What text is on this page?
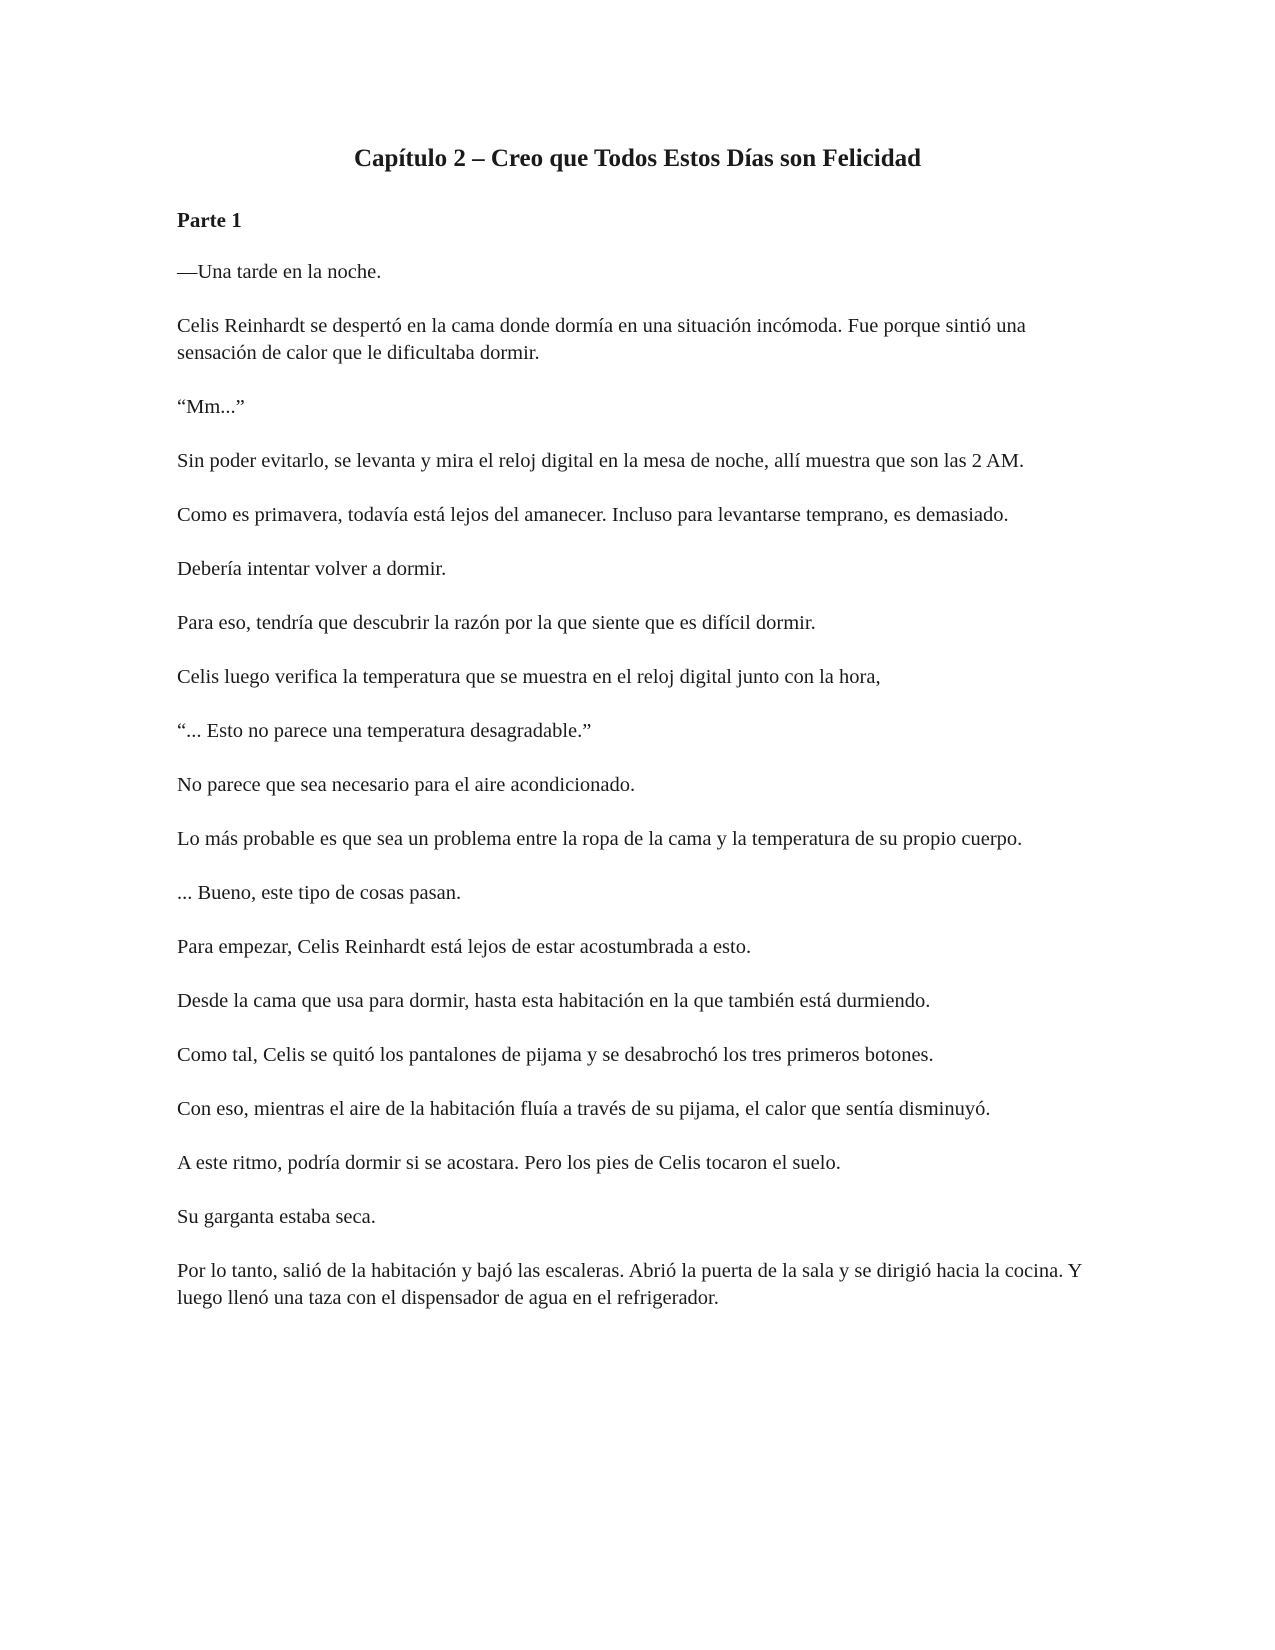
Capítulo 2 – Creo que Todos Estos Días son Felicidad
Parte 1

—Una tarde en la noche.

Celis Reinhardt se despertó en la cama donde dormía en una situación incómoda. Fue porque sintió una sensación de calor que le dificultaba dormir.

“Mm...”

Sin poder evitarlo, se levanta y mira el reloj digital en la mesa de noche, allí muestra que son las 2 AM.

Como es primavera, todavía está lejos del amanecer. Incluso para levantarse temprano, es demasiado.

Debería intentar volver a dormir.

Para eso, tendría que descubrir la razón por la que siente que es difícil dormir.

Celis luego verifica la temperatura que se muestra en el reloj digital junto con la hora,

“... Esto no parece una temperatura desagradable.”

No parece que sea necesario para el aire acondicionado.

Lo más probable es que sea un problema entre la ropa de la cama y la temperatura de su propio cuerpo.

... Bueno, este tipo de cosas pasan.

Para empezar, Celis Reinhardt está lejos de estar acostumbrada a esto.

Desde la cama que usa para dormir, hasta esta habitación en la que también está durmiendo.

Como tal, Celis se quitó los pantalones de pijama y se desabrochó los tres primeros botones.

Con eso, mientras el aire de la habitación fluía a través de su pijama, el calor que sentía disminuyó.

A este ritmo, podría dormir si se acostara. Pero los pies de Celis tocaron el suelo.

Su garganta estaba seca.

Por lo tanto, salió de la habitación y bajó las escaleras. Abrió la puerta de la sala y se dirigió hacia la cocina. Y luego llenó una taza con el dispensador de agua en el refrigerador.
